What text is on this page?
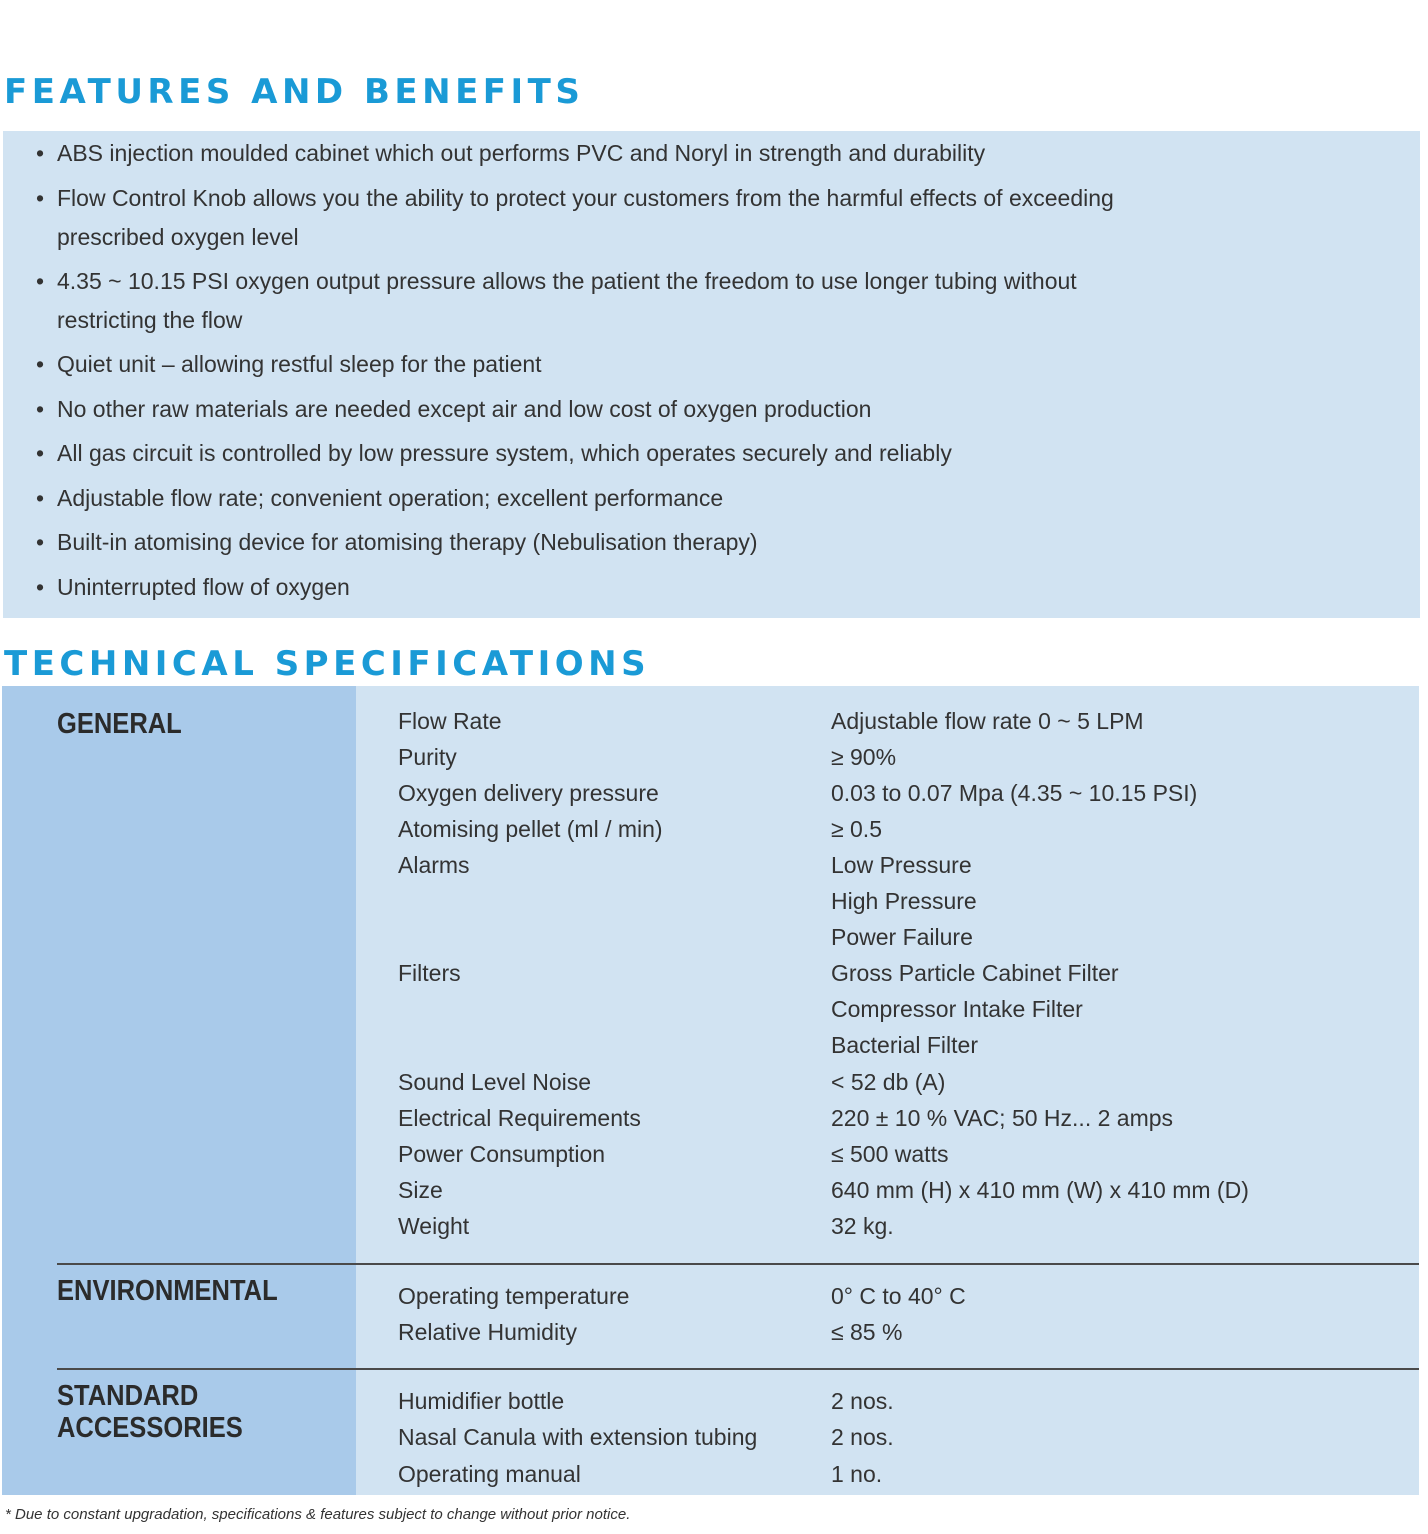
FEATURES AND BENEFITS
• ABS injection moulded cabinet which out performs PVC and Noryl in strength and durability
• Flow Control Knob allows you the ability to protect your customers from the harmful effects of exceeding
prescribed oxygen level
• 4.35 ~ 10.15 PSI oxygen output pressure allows the patient the freedom to use longer tubing without
restricting the flow
• Quiet unit – allowing restful sleep for the patient
• No other raw materials are needed except air and low cost of oxygen production
• All gas circuit is controlled by low pressure system, which operates securely and reliably
• Adjustable flow rate; convenient operation; excellent performance
• Built-in atomising device for atomising therapy (Nebulisation therapy)
• Uninterrupted flow of oxygen
TECHNICAL SPECIFICATIONS
GENERAL	Flow Rate	Adjustable flow rate 0 ~ 5 LPM
Purity	≥ 90%
Oxygen delivery pressure	0.03 to 0.07 Mpa (4.35 ~ 10.15 PSI)
Atomising pellet (ml / min)	≥ 0.5
Alarms	Low Pressure
High Pressure
Power Failure
Filters	Gross Particle Cabinet Filter
Compressor Intake Filter
Bacterial Filter
Sound Level Noise	< 52 db (A)
Electrical Requirements	220 ± 10 % VAC; 50 Hz... 2 amps
Power Consumption	≤ 500 watts
Size	640 mm (H) x 410 mm (W) x 410 mm (D)
Weight	32 kg.
ENVIRONMENTAL	Operating temperature	0° C to 40° C
Relative Humidity	≤ 85 %
STANDARD
ACCESSORIES
Humidifier bottle	2 nos.
Nasal Canula with extension tubing	2 nos.
Operating manual	1 no.
* Due to constant upgradation, specifications & features subject to change without prior notice.
